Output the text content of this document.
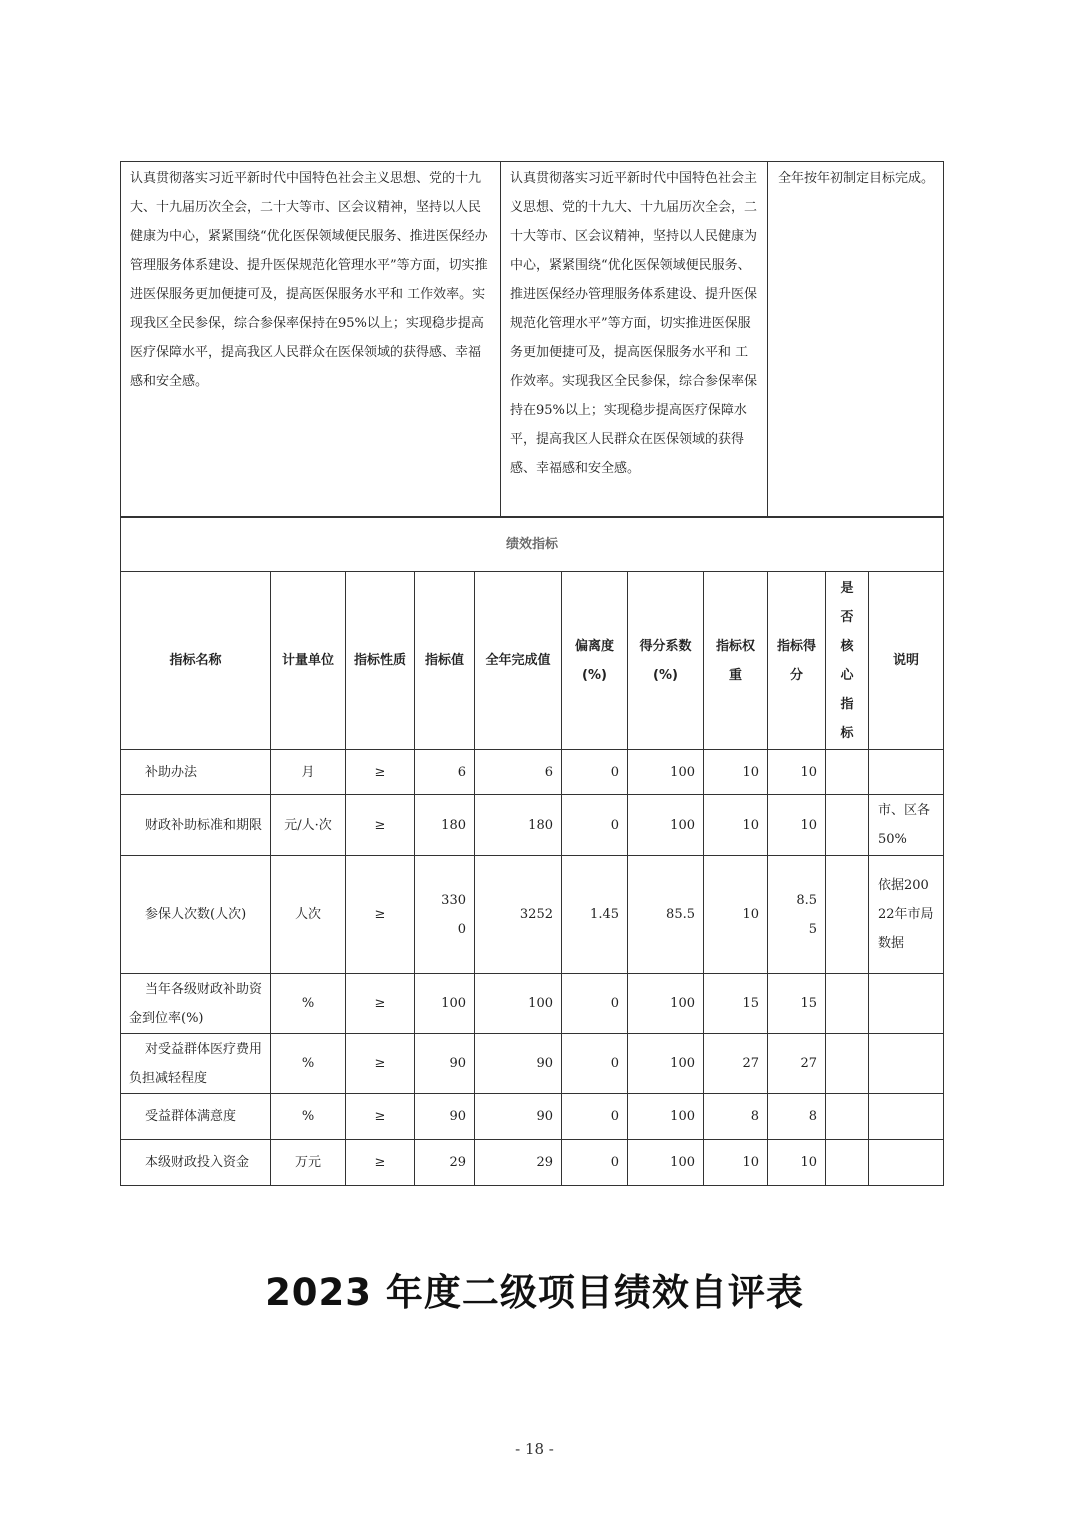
认真贯彻落实习近平新时代中国特色社会主义思想、党的十九大、十九届历次全会，二十大等市、区会议精神，坚持以人民健康为中心，紧紧围绕“优化医保领域便民服务、推进医保经办管理服务体系建设、提升医保规范化管理水平”等方面，切实推进医保服务更加便捷可及，提高医保服务水平和 工作效率。实现我区全民参保，综合参保率保持在95%以上；实现稳步提高医疗保障水平，提高我区人民群众在医保领域的获得感、幸福感和安全感。	认真贯彻落实习近平新时代中国特色社会主义思想、党的十九大、十九届历次全会，二十大等市、区会议精神，坚持以人民健康为中心，紧紧围绕“优化医保领域便民服务、推进医保经办管理服务体系建设、提升医保规范化管理水平”等方面，切实推进医保服务更加便捷可及，提高医保服务水平和 工作效率。实现我区全民参保，综合参保率保持在95%以上；实现稳步提高医疗保障水平，提高我区人民群众在医保领域的获得感、幸福感和安全感。	全年按年初制定目标完成。
绩效指标										
指标名称	计量单位	指标性质	指标值	全年完成值	偏离度(%)	得分系数(%)	指标权重	指标得分	是否核心指标	说明
补助办法	月	≥	6	6	0	100	10	10		
财政补助标准和期限	元/人·次	≥	180	180	0	100	10	10		市、区各50%
参保人次数(人次)	人次	≥	3300	3252	1.45	85.5	10	8.55		依据20022年市局数据
当年各级财政补助资金到位率(%)	%	≥	100	100	0	100	15	15		
对受益群体医疗费用负担减轻程度	%	≥	90	90	0	100	27	27		
受益群体满意度	%	≥	90	90	0	100	8	8		
本级财政投入资金	万元	≥	29	29	0	100	10	10		
2023 年度二级项目绩效自评表
- 18 -
